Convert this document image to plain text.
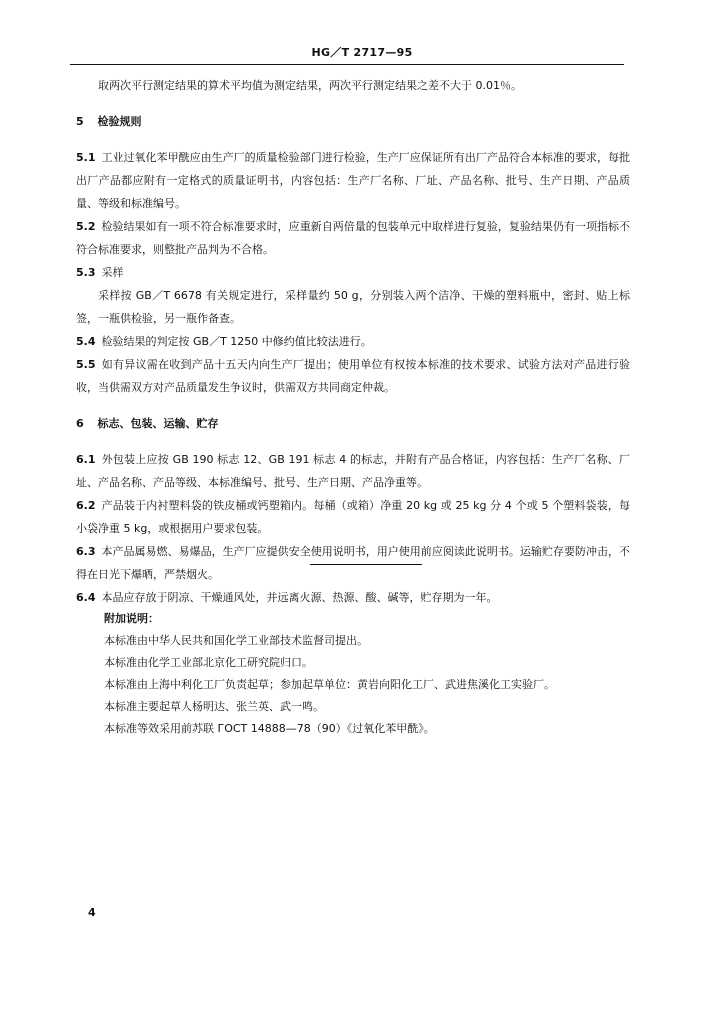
HG／T 2717—95

取两次平行测定结果的算术平均值为测定结果，两次平行测定结果之差不大于 0.01％。

5 检验规则

5.1 工业过氧化苯甲酰应由生产厂的质量检验部门进行检验，生产厂应保证所有出厂产品符合本标准的要求，每批出厂产品都应附有一定格式的质量证明书，内容包括：生产厂名称、厂址、产品名称、批号、生产日期、产品质量、等级和标准编号。

5.2 检验结果如有一项不符合标准要求时，应重新自两倍量的包装单元中取样进行复验，复验结果仍有一项指标不符合标准要求，则整批产品判为不合格。

5.3 采样

采样按 GB／T 6678 有关规定进行，采样量约 50 g，分别装入两个洁净、干燥的塑料瓶中，密封、贴上标签，一瓶供检验，另一瓶作备查。

5.4 检验结果的判定按 GB／T 1250 中修约值比较法进行。

5.5 如有异议需在收到产品十五天内向生产厂提出；使用单位有权按本标准的技术要求、试验方法对产品进行验收，当供需双方对产品质量发生争议时，供需双方共同商定仲裁。

6 标志、包装、运输、贮存

6.1 外包装上应按 GB 190 标志 12、GB 191 标志 4 的标志，并附有产品合格证，内容包括：生产厂名称、厂址、产品名称、产品等级、本标准编号、批号、生产日期、产品净重等。

6.2 产品装于内衬塑料袋的铁皮桶或钙塑箱内。每桶（或箱）净重 20 kg 或 25 kg 分 4 个或 5 个塑料袋装，每小袋净重 5 kg，或根据用户要求包装。

6.3 本产品属易燃、易爆品，生产厂应提供安全使用说明书，用户使用前应阅读此说明书。运输贮存要防冲击，不得在日光下爆晒，严禁烟火。

6.4 本品应存放于阴凉、干燥通风处，并远离火源、热源、酸、碱等，贮存期为一年。

附加说明：
本标准由中华人民共和国化学工业部技术监督司提出。
本标准由化学工业部北京化工研究院归口。
本标准由上海中利化工厂负责起草；参加起草单位：黄岩向阳化工厂、武进焦溪化工实验厂。
本标准主要起草人杨明达、张兰英、武一鸣。
本标准等效采用前苏联 ГОСТ 14888—78（90）《过氧化苯甲酰》。
4
